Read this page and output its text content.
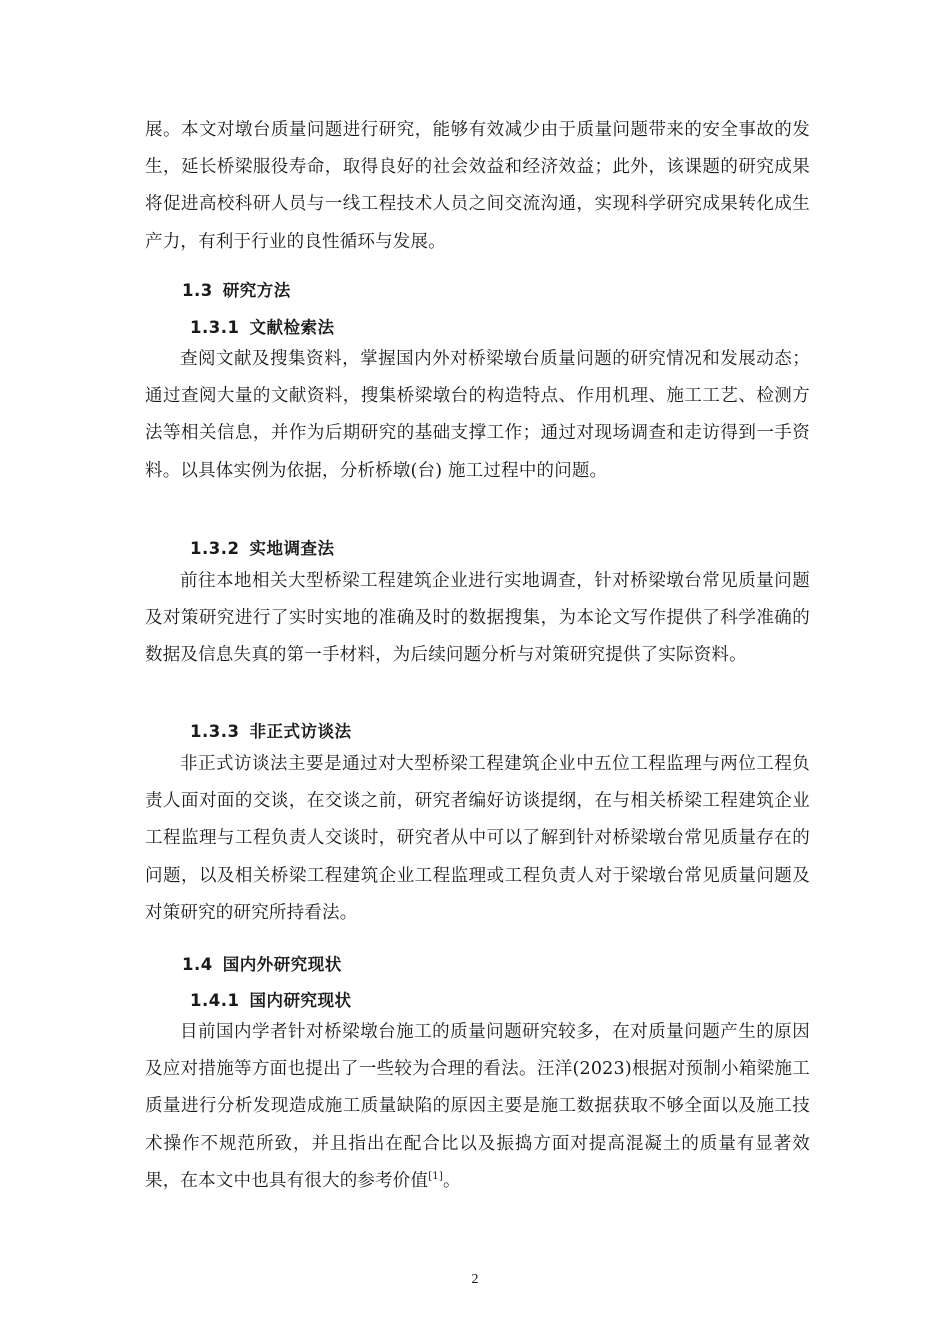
展。本文对墩台质量问题进行研究，能够有效减少由于质量问题带来的安全事故的发生，延长桥梁服役寿命，取得良好的社会效益和经济效益；此外，该课题的研究成果将促进高校科研人员与一线工程技术人员之间交流沟通，实现科学研究成果转化成生产力，有利于行业的良性循环与发展。

1.3 研究方法
1.3.1 文献检索法

查阅文献及搜集资料，掌握国内外对桥梁墩台质量问题的研究情况和发展动态；通过查阅大量的文献资料，搜集桥梁墩台的构造特点、作用机理、施工工艺、检测方法等相关信息，并作为后期研究的基础支撑工作；通过对现场调查和走访得到一手资料。以具体实例为依据，分析桥墩(台) 施工过程中的问题。

1.3.2 实地调查法

前往本地相关大型桥梁工程建筑企业进行实地调查，针对桥梁墩台常见质量问题及对策研究进行了实时实地的准确及时的数据搜集，为本论文写作提供了科学准确的数据及信息失真的第一手材料，为后续问题分析与对策研究提供了实际资料。

1.3.3 非正式访谈法

非正式访谈法主要是通过对大型桥梁工程建筑企业中五位工程监理与两位工程负责人面对面的交谈，在交谈之前，研究者编好访谈提纲，在与相关桥梁工程建筑企业工程监理与工程负责人交谈时，研究者从中可以了解到针对桥梁墩台常见质量存在的问题，以及相关桥梁工程建筑企业工程监理或工程负责人对于梁墩台常见质量问题及对策研究的研究所持看法。

1.4 国内外研究现状
1.4.1 国内研究现状

目前国内学者针对桥梁墩台施工的质量问题研究较多，在对质量问题产生的原因及应对措施等方面也提出了一些较为合理的看法。汪洋(2023)根据对预制小箱梁施工质量进行分析发现造成施工质量缺陷的原因主要是施工数据获取不够全面以及施工技术操作不规范所致，并且指出在配合比以及振捣方面对提高混凝土的质量有显著效果，在本文中也具有很大的参考价值[1]。

2
